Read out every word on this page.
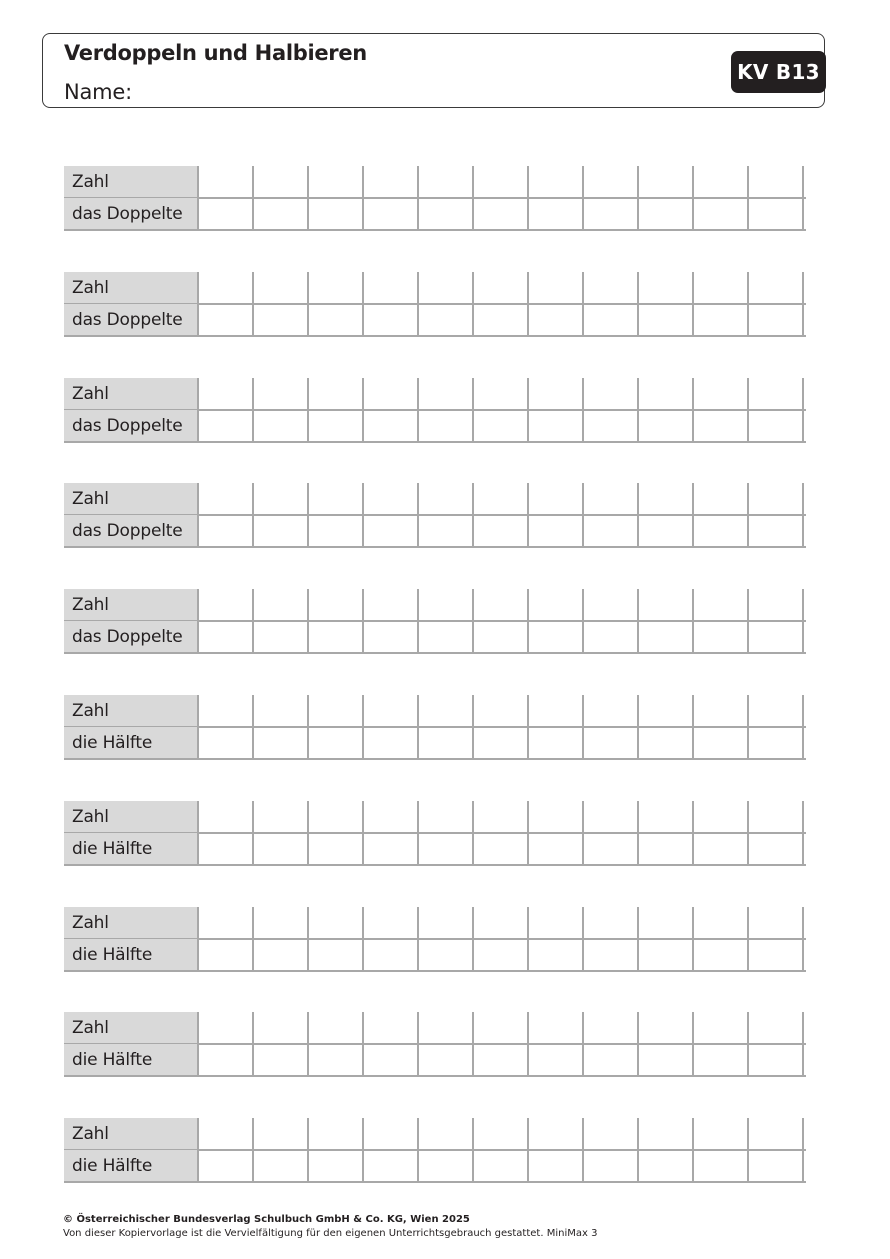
Verdoppeln und Halbieren
Name:
KV B13
Zahl
das Doppelte
Zahl
das Doppelte
Zahl
das Doppelte
Zahl
das Doppelte
Zahl
das Doppelte
Zahl
die Hälfte
Zahl
die Hälfte
Zahl
die Hälfte
Zahl
die Hälfte
Zahl
die Hälfte
© Österreichischer Bundesverlag Schulbuch GmbH & Co. KG, Wien 2025
Von dieser Kopiervorlage ist die Vervielfältigung für den eigenen Unterrichtsgebrauch gestattet. MiniMax 3
